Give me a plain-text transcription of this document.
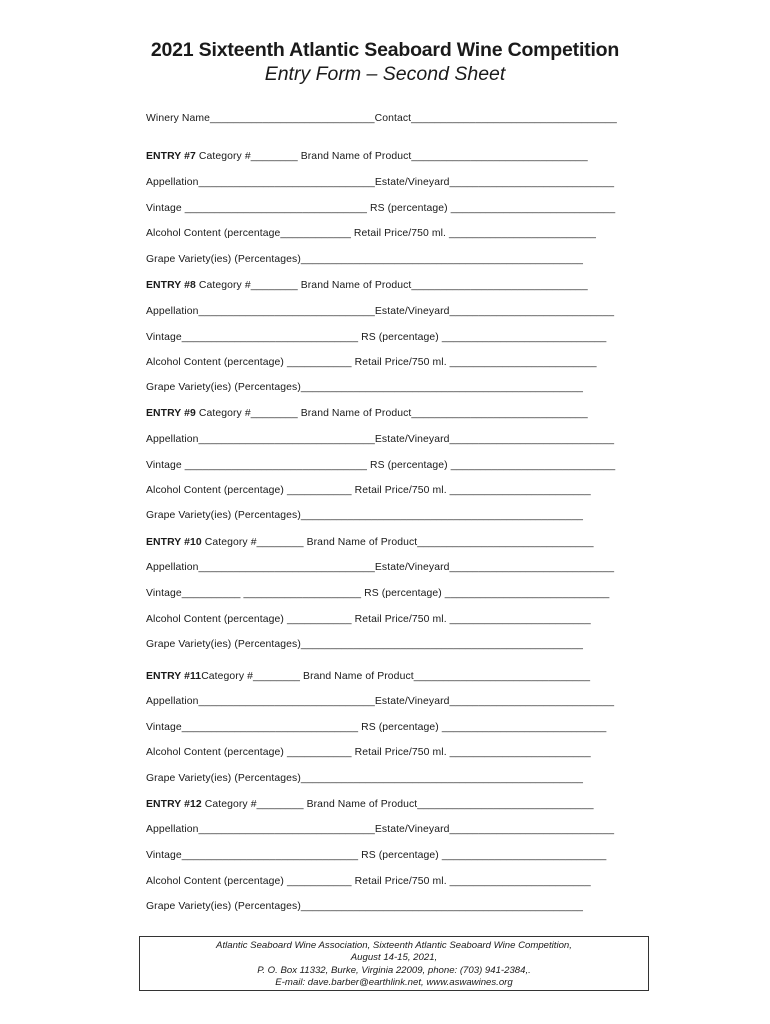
2021 Sixteenth Atlantic Seaboard Wine Competition
Entry Form – Second Sheet
Winery Name____________________________Contact___________________________________
ENTRY #7 Category #________ Brand Name of Product______________________________
Appellation______________________________Estate/Vineyard____________________________
Vintage _______________________________ RS (percentage) ____________________________
Alcohol Content (percentage____________ Retail Price/750 ml. _________________________
Grape Variety(ies) (Percentages)________________________________________________
ENTRY #8 Category #________ Brand Name of Product______________________________
Appellation______________________________Estate/Vineyard____________________________
Vintage______________________________ RS (percentage) ____________________________
Alcohol Content (percentage) ___________ Retail Price/750 ml. _________________________
Grape Variety(ies) (Percentages)________________________________________________
ENTRY #9 Category #________ Brand Name of Product______________________________
Appellation______________________________Estate/Vineyard____________________________
Vintage _______________________________ RS (percentage) ____________________________
Alcohol Content (percentage) ___________ Retail Price/750 ml. ________________________
Grape Variety(ies) (Percentages)________________________________________________
ENTRY #10 Category #________ Brand Name of Product______________________________
Appellation______________________________Estate/Vineyard____________________________
Vintage__________ ____________________ RS (percentage) ____________________________
Alcohol Content (percentage) ___________ Retail Price/750 ml. ________________________
Grape Variety(ies) (Percentages)________________________________________________
ENTRY #11Category #________ Brand Name of Product______________________________
Appellation______________________________Estate/Vineyard____________________________
Vintage______________________________ RS (percentage) ____________________________
Alcohol Content (percentage) ___________ Retail Price/750 ml. ________________________
Grape Variety(ies) (Percentages)________________________________________________
ENTRY #12 Category #________ Brand Name of Product______________________________
Appellation______________________________Estate/Vineyard____________________________
Vintage______________________________ RS (percentage) ____________________________
Alcohol Content (percentage) ___________ Retail Price/750 ml. ________________________
Grape Variety(ies) (Percentages)________________________________________________
Atlantic Seaboard Wine Association, Sixteenth Atlantic Seaboard Wine Competition,
August 14-15, 2021,
P. O. Box 11332, Burke, Virginia 22009, phone: (703) 941-2384,.
E-mail: dave.barber@earthlink.net, www.aswawines.org
